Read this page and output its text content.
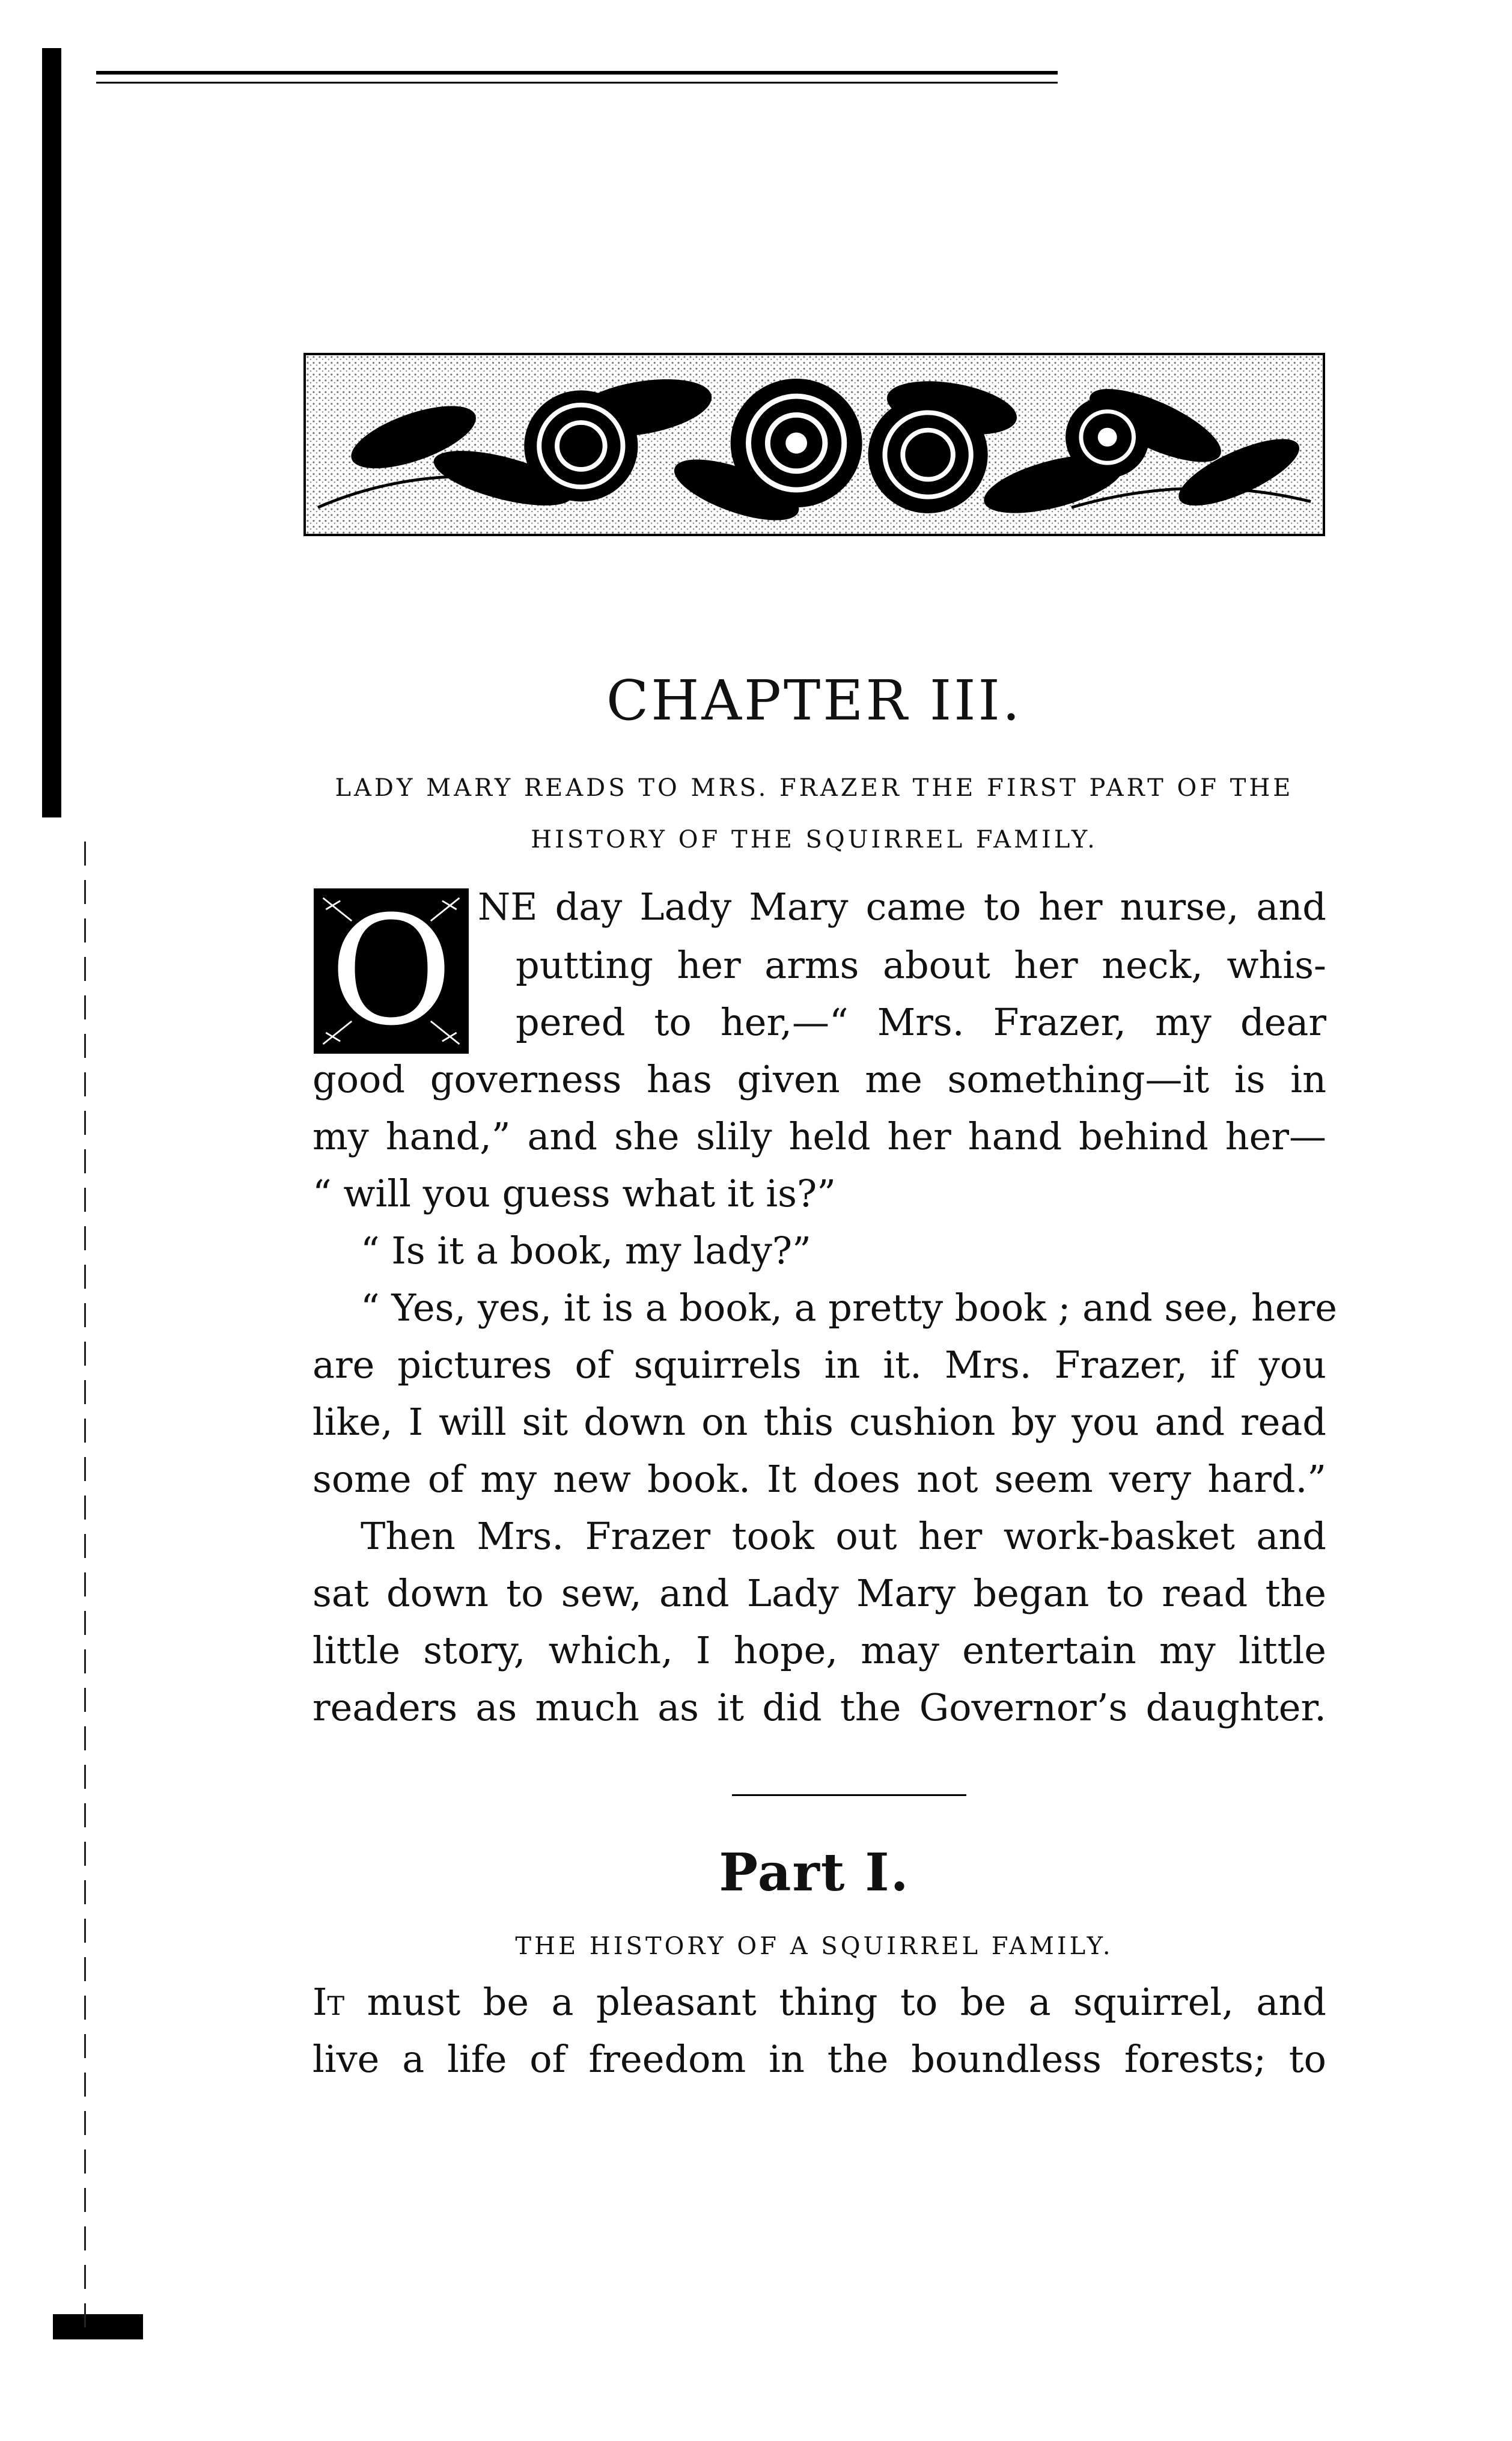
CHAPTER III.
LADY MARY READS TO MRS. FRAZER THE FIRST PART OF THE
HISTORY OF THE SQUIRREL FAMILY.
O NE day Lady Mary came to her nurse, and
putting her arms about her neck, whis-
pered to her,—“ Mrs. Frazer, my dear
good governess has given me something—it is in
my hand,” and she slily held her hand behind her—
“ will you guess what it is?”
“ Is it a book, my lady?”
“ Yes, yes, it is a book, a pretty book ; and see, here
are pictures of squirrels in it. Mrs. Frazer, if you
like, I will sit down on this cushion by you and read
some of my new book. It does not seem very hard.”
Then Mrs. Frazer took out her work-basket and
sat down to sew, and Lady Mary began to read the
little story, which, I hope, may entertain my little
readers as much as it did the Governor’s daughter.
Part I.
THE HISTORY OF A SQUIRREL FAMILY.
It must be a pleasant thing to be a squirrel, and
live a life of freedom in the boundless forests; to
